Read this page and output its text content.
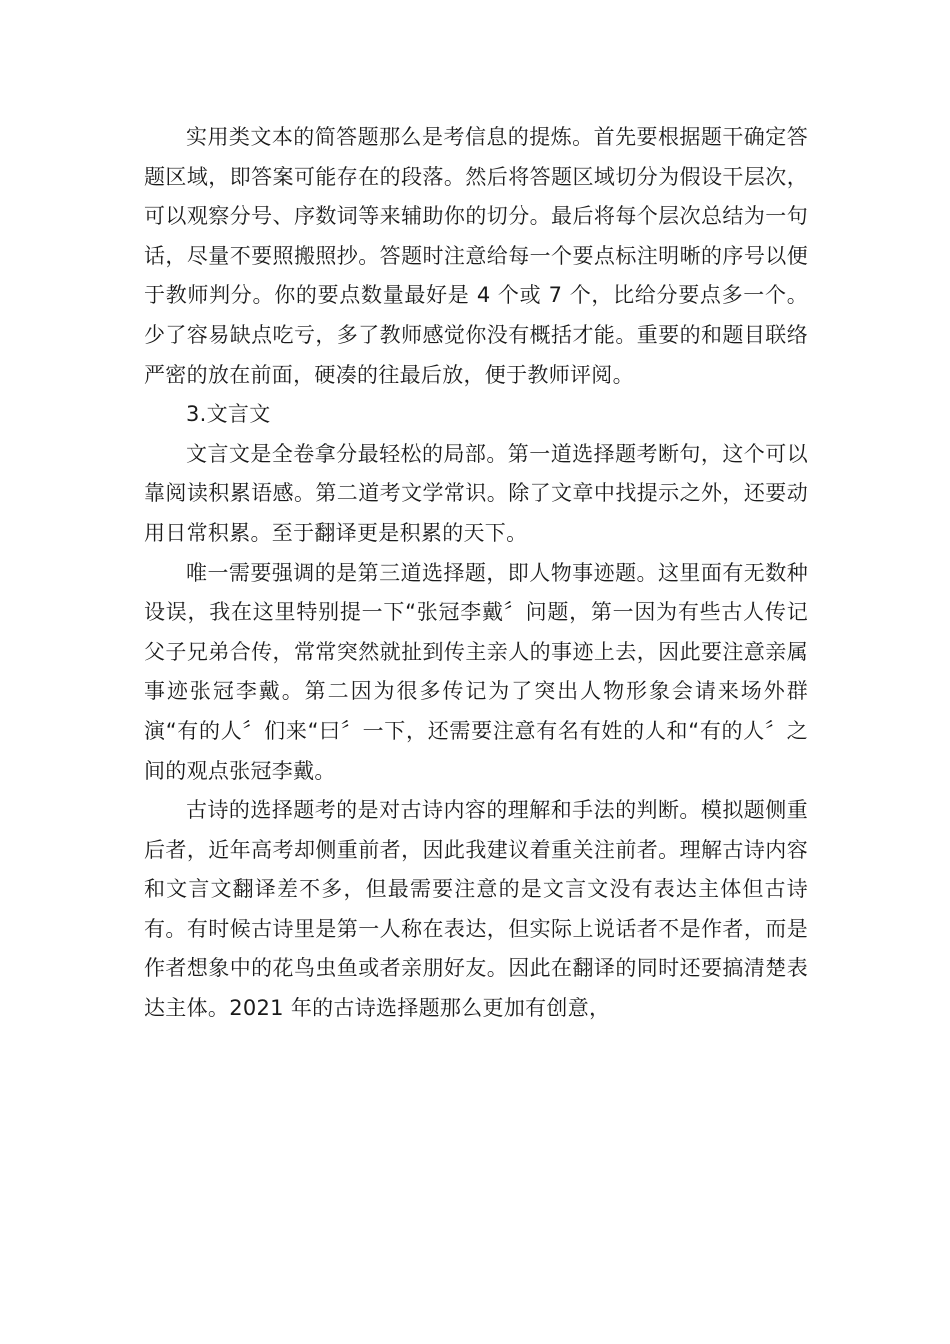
实用类文本的简答题那么是考信息的提炼。首先要根据题干确定答题区域，即答案可能存在的段落。然后将答题区域切分为假设干层次，可以观察分号、序数词等来辅助你的切分。最后将每个层次总结为一句话，尽量不要照搬照抄。答题时注意给每一个要点标注明晰的序号以便于教师判分。你的要点数量最好是 4 个或 7 个，比给分要点多一个。少了容易缺点吃亏，多了教师感觉你没有概括才能。重要的和题目联络严密的放在前面，硬凑的往最后放，便于教师评阅。

3.文言文

文言文是全卷拿分最轻松的局部。第一道选择题考断句，这个可以靠阅读积累语感。第二道考文学常识。除了文章中找提示之外，还要动用日常积累。至于翻译更是积累的天下。

唯一需要强调的是第三道选择题，即人物事迹题。这里面有无数种设误，我在这里特别提一下“张冠李戴〞问题，第一因为有些古人传记父子兄弟合传，常常突然就扯到传主亲人的事迹上去，因此要注意亲属事迹张冠李戴。第二因为很多传记为了突出人物形象会请来场外群演“有的人〞们来“曰〞一下，还需要注意有名有姓的人和“有的人〞之间的观点张冠李戴。

古诗的选择题考的是对古诗内容的理解和手法的判断。模拟题侧重后者，近年高考却侧重前者，因此我建议着重关注前者。理解古诗内容和文言文翻译差不多，但最需要注意的是文言文没有表达主体但古诗有。有时候古诗里是第一人称在表达，但实际上说话者不是作者，而是作者想象中的花鸟虫鱼或者亲朋好友。因此在翻译的同时还要搞清楚表达主体。2021 年的古诗选择题那么更加有创意，
